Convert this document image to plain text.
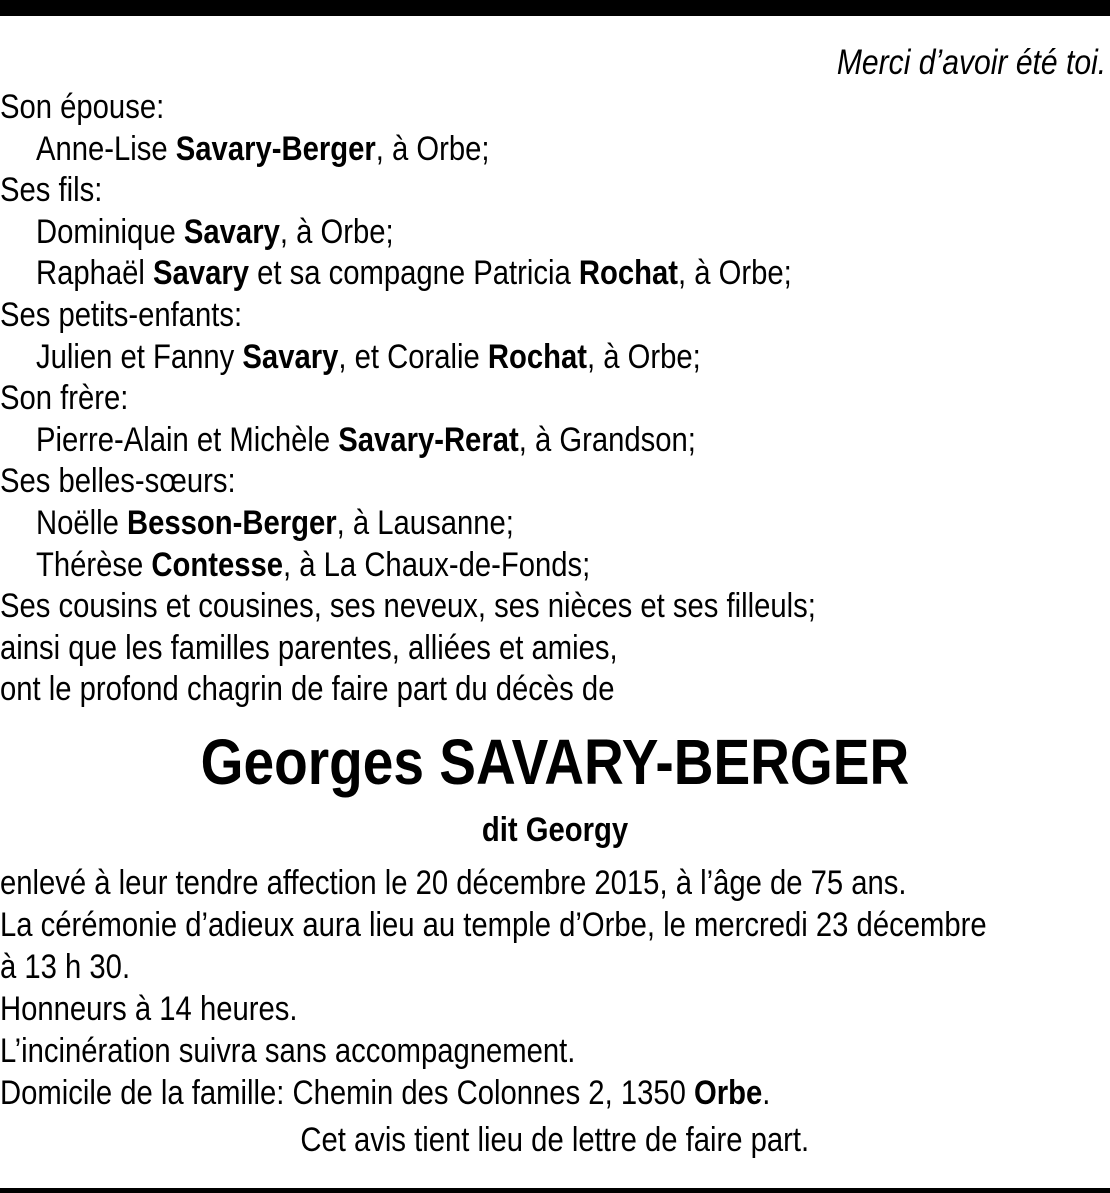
Merci d’avoir été toi.
Son épouse:
Anne-Lise Savary-Berger, à Orbe;
Ses fils:
Dominique Savary, à Orbe;
Raphaël Savary et sa compagne Patricia Rochat, à Orbe;
Ses petits-enfants:
Julien et Fanny Savary, et Coralie Rochat, à Orbe;
Son frère:
Pierre-Alain et Michèle Savary-Rerat, à Grandson;
Ses belles-sœurs:
Noëlle Besson-Berger, à Lausanne;
Thérèse Contesse, à La Chaux-de-Fonds;
Ses cousins et cousines, ses neveux, ses nièces et ses filleuls;
ainsi que les familles parentes, alliées et amies,
ont le profond chagrin de faire part du décès de
Georges SAVARY-BERGER
dit Georgy
enlevé à leur tendre affection le 20 décembre 2015, à l’âge de 75 ans.
La cérémonie d’adieux aura lieu au temple d’Orbe, le mercredi 23 décembre
à 13 h 30.
Honneurs à 14 heures.
L’incinération suivra sans accompagnement.
Domicile de la famille: Chemin des Colonnes 2, 1350 Orbe.
Cet avis tient lieu de lettre de faire part.
